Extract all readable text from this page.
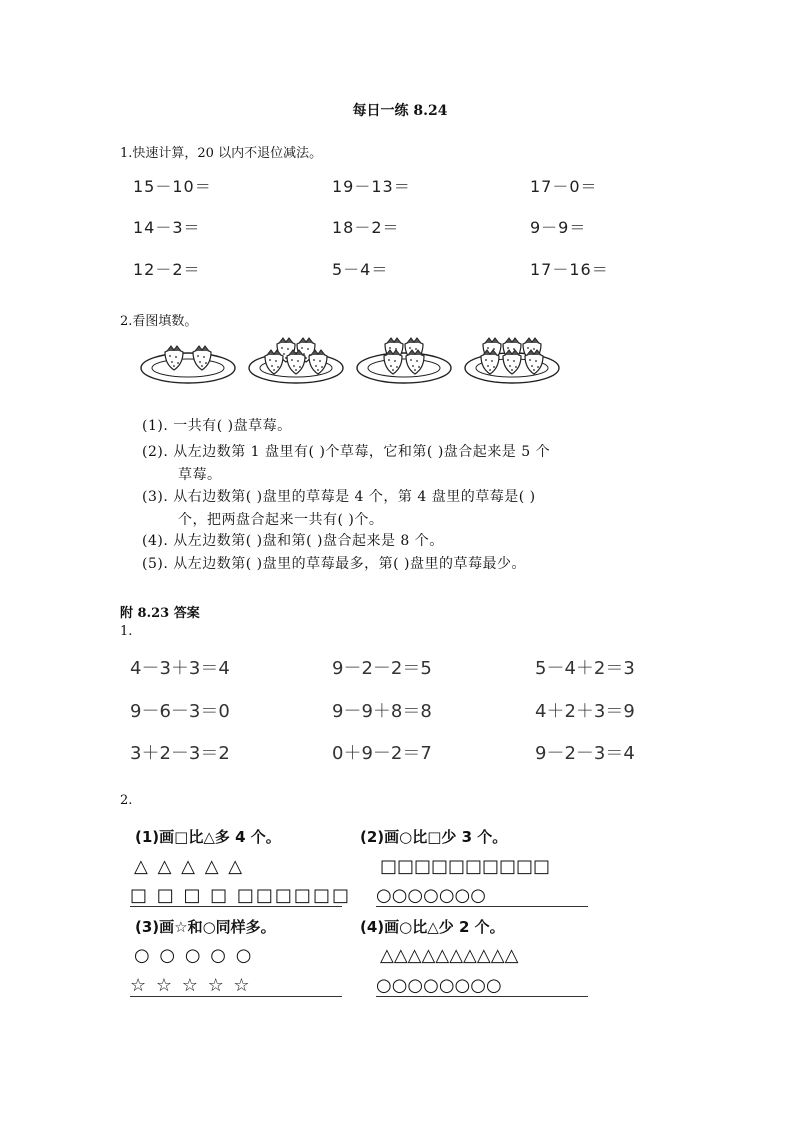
每日一练 8.24
1.快速计算，20 以内不退位减法。
15－10＝	19－13＝	17－0＝
14－3＝	18－2＝	9－9＝
12－2＝	5－4＝	17－16＝
2.看图填数。
(1). 一共有( )盘草莓。
(2). 从左边数第 1 盘里有( )个草莓，它和第( )盘合起来是 5 个
草莓。
(3). 从右边数第( )盘里的草莓是 4 个，第 4 盘里的草莓是( )
个，把两盘合起来一共有( )个。
(4). 从左边数第( )盘和第( )盘合起来是 8 个。
(5). 从左边数第( )盘里的草莓最多，第( )盘里的草莓最少。
附 8.23 答案
1.
4－3＋3＝4	9－2－2＝5	5－4＋2＝3
9－6－3＝0	9－9＋8＝8	4＋2＋3＝9
3＋2－3＝2	0＋9－2＝7	9－2－3＝4
2.
(1)画□比△多 4 个。
△ △ △ △ △
□ □ □ □ □□□□□□
(2)画○比□少 3 个。
□□□□□□□□□□
○○○○○○○
(3)画☆和○同样多。
○ ○ ○ ○ ○
☆ ☆ ☆ ☆ ☆
(4)画○比△少 2 个。
△△△△△△△△△△
○○○○○○○○
